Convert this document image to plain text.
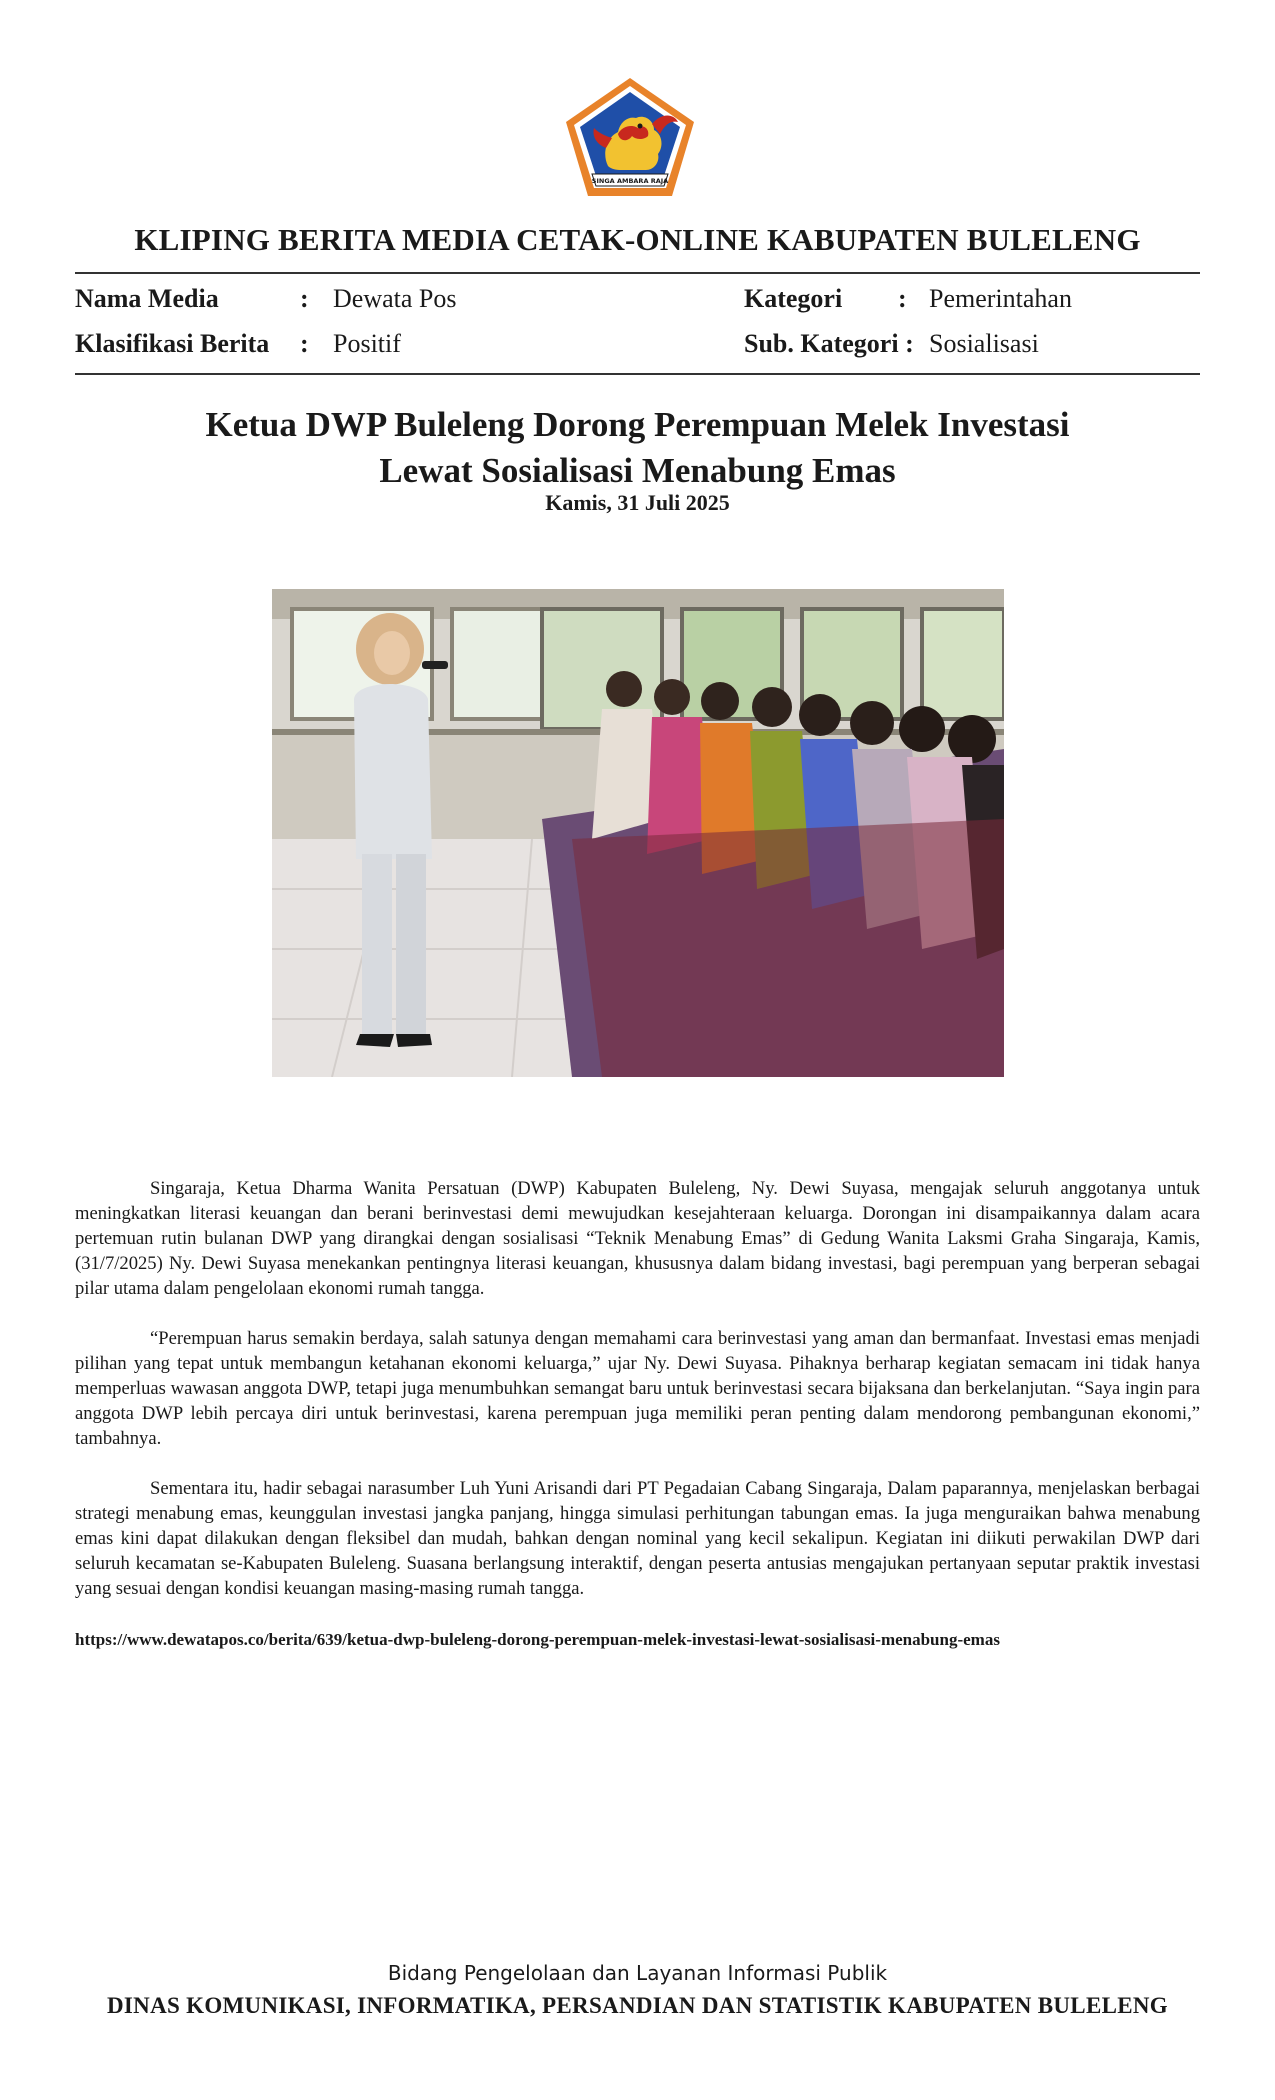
SINGA AMBARA RAJA
KLIPING BERITA MEDIA CETAK-ONLINE KABUPATEN BULELENG
Nama Media	: Dewata Pos	Kategori : Pemerintahan
Klasifikasi Berita : Positif	Sub. Kategori : Sosialisasi
Ketua DWP Buleleng Dorong Perempuan Melek Investasi
Lewat Sosialisasi Menabung Emas
Kamis, 31 Juli 2025

Singaraja, Ketua Dharma Wanita Persatuan (DWP) Kabupaten Buleleng, Ny. Dewi Suyasa, mengajak seluruh anggotanya untuk meningkatkan literasi keuangan dan berani berinvestasi demi mewujudkan kesejahteraan keluarga. Dorongan ini disampaikannya dalam acara pertemuan rutin bulanan DWP yang dirangkai dengan sosialisasi “Teknik Menabung Emas” di Gedung Wanita Laksmi Graha Singaraja, Kamis, (31/7/2025) Ny. Dewi Suyasa menekankan pentingnya literasi keuangan, khususnya dalam bidang investasi, bagi perempuan yang berperan sebagai pilar utama dalam pengelolaan ekonomi rumah tangga.

“Perempuan harus semakin berdaya, salah satunya dengan memahami cara berinvestasi yang aman dan bermanfaat. Investasi emas menjadi pilihan yang tepat untuk membangun ketahanan ekonomi keluarga,” ujar Ny. Dewi Suyasa. Pihaknya berharap kegiatan semacam ini tidak hanya memperluas wawasan anggota DWP, tetapi juga menumbuhkan semangat baru untuk berinvestasi secara bijaksana dan berkelanjutan. “Saya ingin para anggota DWP lebih percaya diri untuk berinvestasi, karena perempuan juga memiliki peran penting dalam mendorong pembangunan ekonomi,” tambahnya.

Sementara itu, hadir sebagai narasumber Luh Yuni Arisandi dari PT Pegadaian Cabang Singaraja, Dalam paparannya, menjelaskan berbagai strategi menabung emas, keunggulan investasi jangka panjang, hingga simulasi perhitungan tabungan emas. Ia juga menguraikan bahwa menabung emas kini dapat dilakukan dengan fleksibel dan mudah, bahkan dengan nominal yang kecil sekalipun. Kegiatan ini diikuti perwakilan DWP dari seluruh kecamatan se-Kabupaten Buleleng. Suasana berlangsung interaktif, dengan peserta antusias mengajukan pertanyaan seputar praktik investasi yang sesuai dengan kondisi keuangan masing-masing rumah tangga.

https://www.dewatapos.co/berita/639/ketua-dwp-buleleng-dorong-perempuan-melek-investasi-lewat-sosialisasi-menabung-emas
Bidang Pengelolaan dan Layanan Informasi Publik
DINAS KOMUNIKASI, INFORMATIKA, PERSANDIAN DAN STATISTIK KABUPATEN BULELENG
